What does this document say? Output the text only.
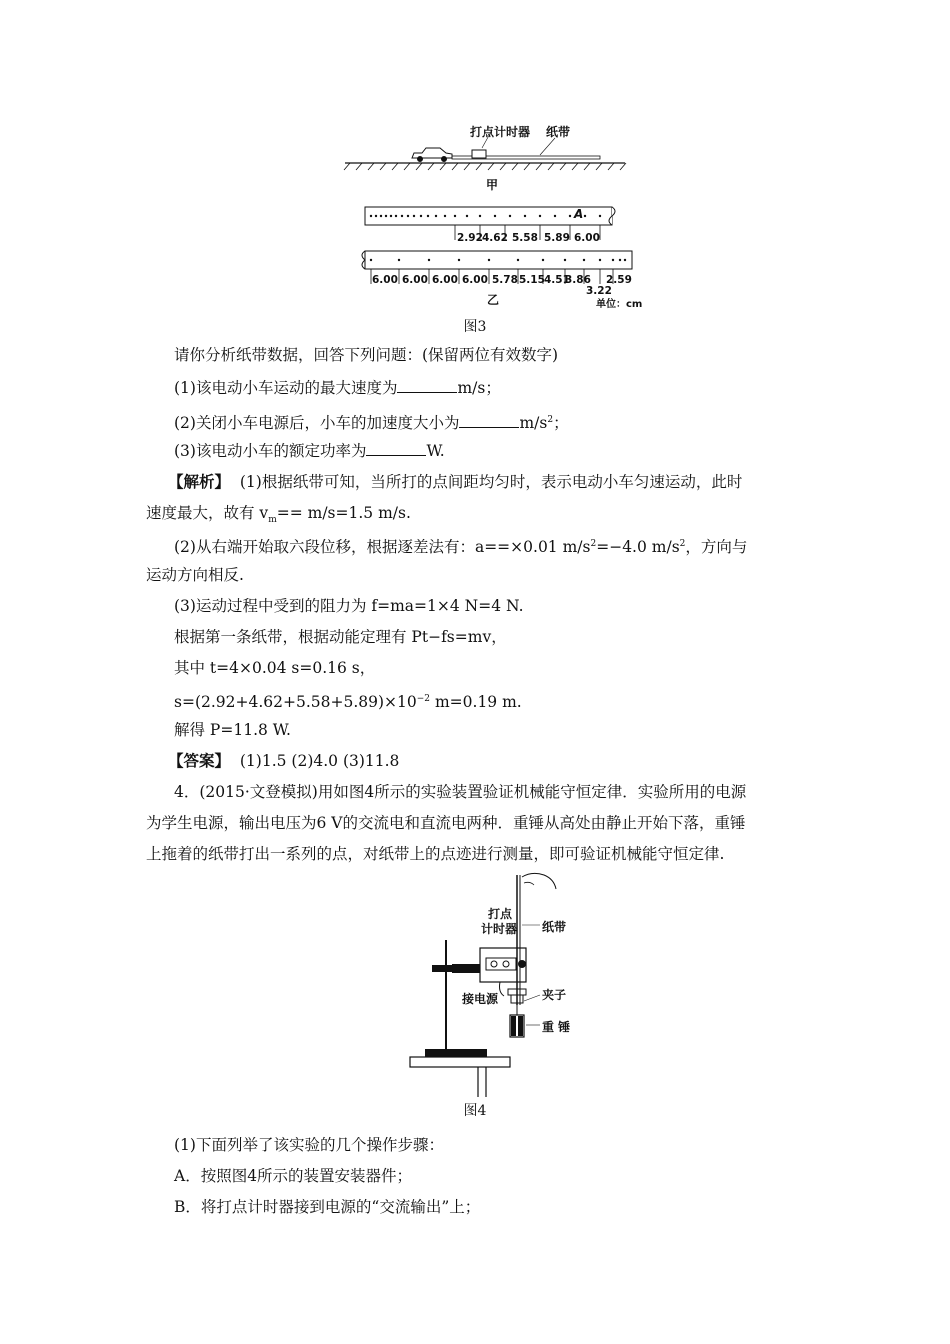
打点计时器 纸带
甲
A
2.92 4.62 5.58 5.89 6.00
6.00 6.00 6.00 6.00 5.78 5.15 4.51
3.86
3.22
2.59
乙	单位：cm
图3
请你分析纸带数据，回答下列问题：(保留两位有效数字)
(1)该电动小车运动的最大速度为	m/s；
(2)关闭小车电源后，小车的加速度大小为	$m/s^2$；
(3)该电动小车的额定功率为	W.
【解析】 (1)根据纸带可知，当所打的点间距均匀时，表示电动小车匀速运动，此时
速度最大，故有 $v_m== m/s=1.5$ m/s.
(2)从右端开始取六段位移，根据逐差法有：a==×0.01 $m/s^2=-4.0$ $m/s^2$，方向与
运动方向相反.
(3)运动过程中受到的阻力为 f=ma=1×4 N=4 N.
根据第一条纸带，根据动能定理有 Pt−fs=mv，
其中 t=4×0.04 s=0.16 s，
$s=(2.92+4.62+5.58+5.89)\times 10^{-2}$ m=0.19 m.
解得 P=11.8 W.
【答案】 (1)1.5 (2)4.0 (3)11.8
4．(2015·文登模拟)用如图4所示的实验装置验证机械能守恒定律．实验所用的电源
为学生电源，输出电压为6 V的交流电和直流电两种．重锤从高处由静止开始下落，重锤
上拖着的纸带打出一系列的点，对纸带上的点迹进行测量，即可验证机械能守恒定律.
打点
计时器 纸带
接电源	夹子
重 锤
图4
(1)下面列举了该实验的几个操作步骤：
A．按照图4所示的装置安装器件；
B．将打点计时器接到电源的“交流输出”上；
